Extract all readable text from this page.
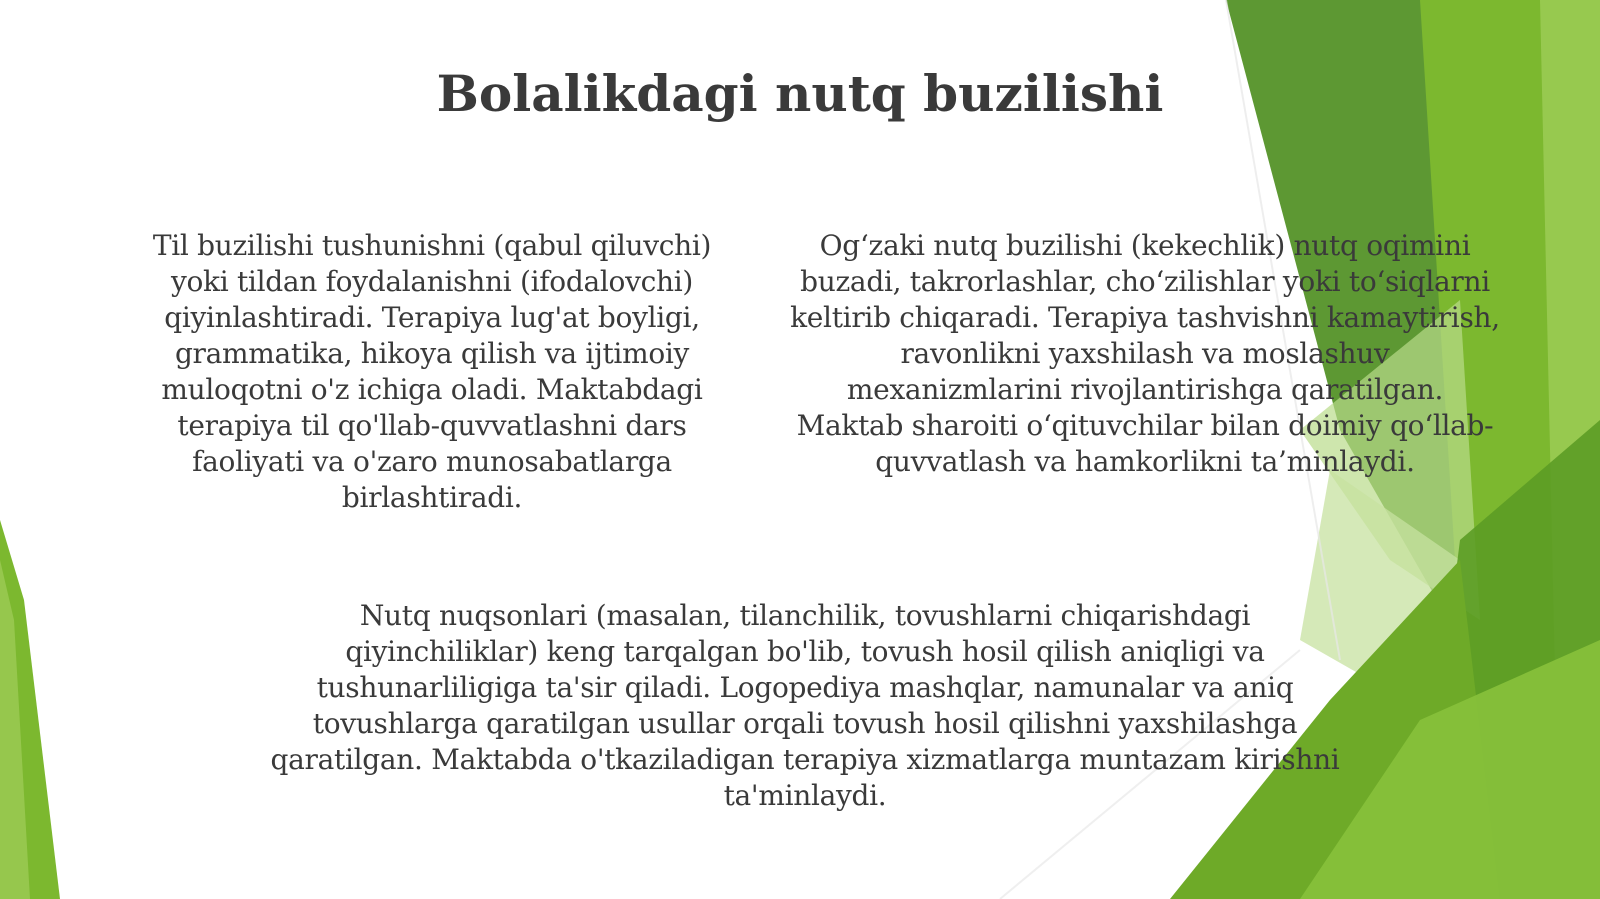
Bolalikdagi nutq buzilishi

Til buzilishi tushunishni (qabul qiluvchi) yoki tildan foydalanishni (ifodalovchi) qiyinlashtiradi. Terapiya lug'at boyligi, grammatika, hikoya qilish va ijtimoiy muloqotni o'z ichiga oladi. Maktabdagi terapiya til qo'llab-quvvatlashni dars faoliyati va o'zaro munosabatlarga birlashtiradi.

Og‘zaki nutq buzilishi (kekechlik) nutq oqimini buzadi, takrorlashlar, cho‘zilishlar yoki to‘siqlarni keltirib chiqaradi. Terapiya tashvishni kamaytirish, ravonlikni yaxshilash va moslashuv mexanizmlarini rivojlantirishga qaratilgan. Maktab sharoiti o‘qituvchilar bilan doimiy qo‘llab-quvvatlash va hamkorlikni ta’minlaydi.

Nutq nuqsonlari (masalan, tilanchilik, tovushlarni chiqarishdagi qiyinchiliklar) keng tarqalgan bo'lib, tovush hosil qilish aniqligi va tushunarliligiga ta'sir qiladi. Logopediya mashqlar, namunalar va aniq tovushlarga qaratilgan usullar orqali tovush hosil qilishni yaxshilashga qaratilgan. Maktabda o'tkaziladigan terapiya xizmatlarga muntazam kirishni ta'minlaydi.
